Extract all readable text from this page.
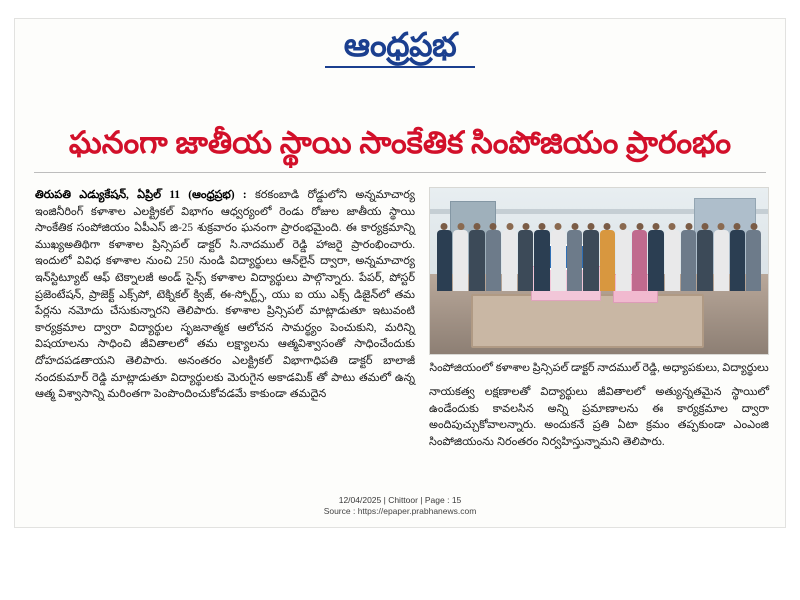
ఆంధ్రప్రభ
ఘనంగా జాతీయ స్థాయి సాంకేతిక సింపోజియం ప్రారంభం

తిరుపతి ఎడ్యుకేషన్‌, ఏప్రిల్‌ 11 (ఆంధ్రప్రభ) : కరకంబాడి రోడ్డులోని అన్నమాచార్య ఇంజినీరింగ్‌ కళాశాల ఎలక్ట్రికల్‌ విభాగం ఆధ్వర్యంలో రెండు రోజుల జాతీయ స్థాయి సాంకేతిక సంపోజియం ఏపీఎస్‌ జి-25 శుక్రవారం ఘనంగా ప్రారంభమైంది. ఈ కార్యక్రమాన్ని ముఖ్యఅతిథిగా కళాశాల ప్రిన్సిపల్‌ డాక్టర్‌ సి.నాదముల్‌ రెడ్డి హాజరై ప్రారంభించారు. ఇందులో వివిధ కళాశాల నుంచి 250 నుండి విద్యార్థులు ఆన్‌లైన్‌ ద్వారా, అన్నమాచార్య ఇన్‌స్టిట్యూట్‌ ఆఫ్‌ టెక్నాలజీ అండ్‌ సైన్స్‌ కళాశాల విద్యార్థులు పాల్గొన్నారు. పేపర్‌, పోస్టర్‌ ప్రజెంటేషన్‌, ప్రాజెక్ట్‌ ఎక్స్‌పో, టెక్నికల్‌ క్విజ్‌, ఈ-స్పోర్ట్స్‌, యు ఐ యు ఎక్స్‌ డిజైన్‌లో తమ పేర్లను నమోదు చేసుకున్నారని తెలిపారు. కళాశాల ప్రిన్సిపల్‌ మాట్లాడుతూ ఇటువంటి కార్యక్రమాల ద్వారా విద్యార్థుల సృజనాత్మక ఆలోచన సామర్థ్యం పెంచుకుని, మరిన్ని విషయాలను సాధించి జీవితాలలో తమ లక్ష్యాలను ఆత్మవిశ్వాసంతో సాధించేందుకు దోహదపడతాయని తెలిపారు. అనంతరం ఎలక్ట్రికల్‌ విభాగాధిపతి డాక్టర్‌ బాలాజీ నందకుమార్‌ రెడ్డి మాట్లాడుతూ విద్యార్థులకు మెరుగైన అకాడమిక్‌ తో పాటు తమలో ఉన్న ఆత్మ విశ్వాసాన్ని మరింతగా పెంపొందించుకోవడమే కాకుండా తమదైన

సింపోజియంలో కళాశాల ప్రిన్సిపల్‌ డాక్టర్‌ నాదముల్‌ రెడ్డి, అధ్యాపకులు, విద్యార్థులు

నాయకత్వ లక్షణాలతో విద్యార్థులు జీవితాలలో అత్యున్నతమైన స్థాయిలో ఉండేందుకు కావలసిన అన్ని ప్రమాణాలను ఈ కార్యక్రమాల ద్వారా అందిపుచ్చుకోవాలన్నారు. అందుకనే ప్రతి ఏటా క్రమం తప్పకుండా ఎంఎంజి సింపోజియంను నిరంతరం నిర్వహిస్తున్నామని తెలిపారు.

12/04/2025 | Chittoor | Page : 15
Source : https://epaper.prabhanews.com
